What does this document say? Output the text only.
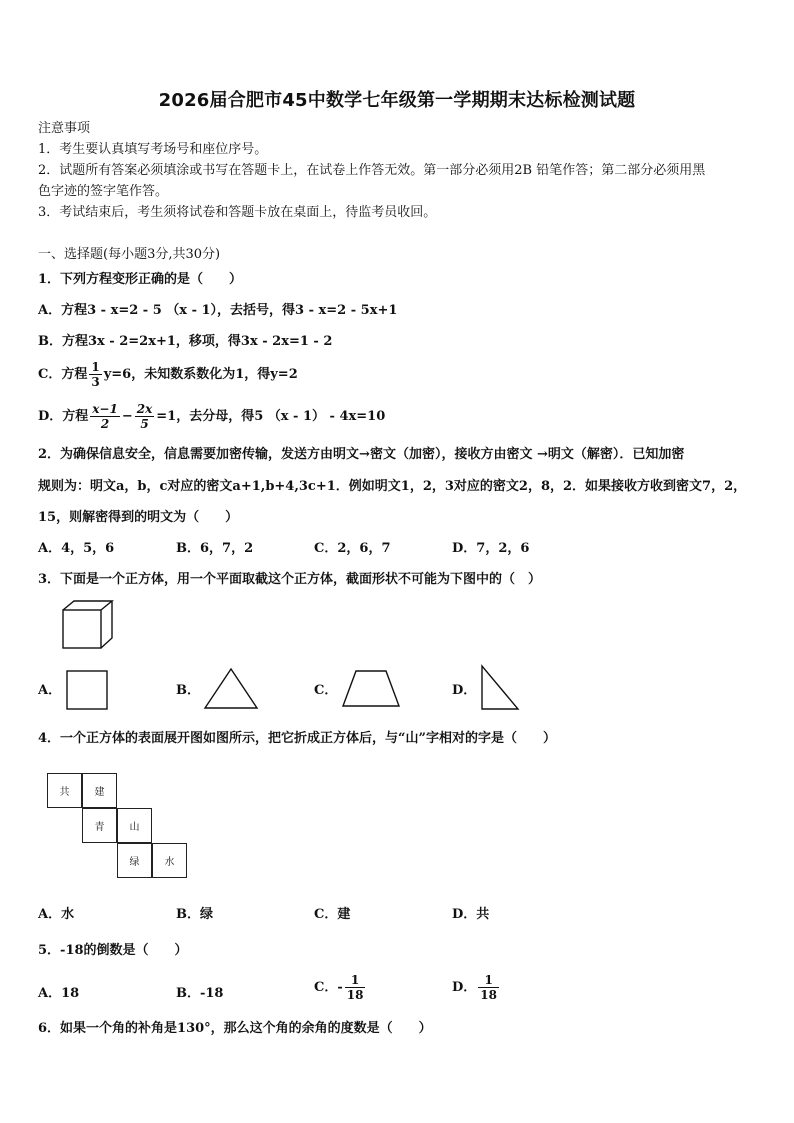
2026届合肥市45中数学七年级第一学期期末达标检测试题
注意事项
1．考生要认真填写考场号和座位序号。
2．试题所有答案必须填涂或书写在答题卡上，在试卷上作答无效。第一部分必须用2B 铅笔作答；第二部分必须用黑
色字迹的签字笔作答。
3．考试结束后，考生须将试卷和答题卡放在桌面上，待监考员收回。
一、选择题(每小题3分,共30分)
1．下列方程变形正确的是（　　）
A．方程3 - x=2 - 5 （x - 1），去括号，得3 - x=2 - 5x+1
B．方程3x - 2=2x+1，移项，得3x - 2x=1 - 2
C．方程 $\frac{1}{3} y=6$，未知数系数化为1，得y=2
D．方程 $\frac{x-1}{2} - \frac{2x}{5} =1$，去分母，得5 （x - 1） - 4x=10
2．为确保信息安全，信息需要加密传输，发送方由明文→密文（加密），接收方由密文 →明文（解密）．已知加密
规则为：明文a，b，c对应的密文a+1,b+4,3c+1．例如明文1，2，3对应的密文2，8，2．如果接收方收到密文7，2，
15，则解密得到的明文为（　　）
A．4，5，6	B．6，7，2	C．2，6，7	D．7，2，6
3．下面是一个正方体，用一个平面取截这个正方体，截面形状不可能为下图中的（　）
A．	B．	C．	D．
4．一个正方体的表面展开图如图所示，把它折成正方体后，与“山”字相对的字是（　　）
共	建
青	山
绿	水
A．水	B．绿	C．建	D．共
5．-18的倒数是（　　）
A．18	B．-18	C．- $\frac{1}{18}$	D． $\frac{1}{18}$
6．如果一个角的补角是130°，那么这个角的余角的度数是（　　）
